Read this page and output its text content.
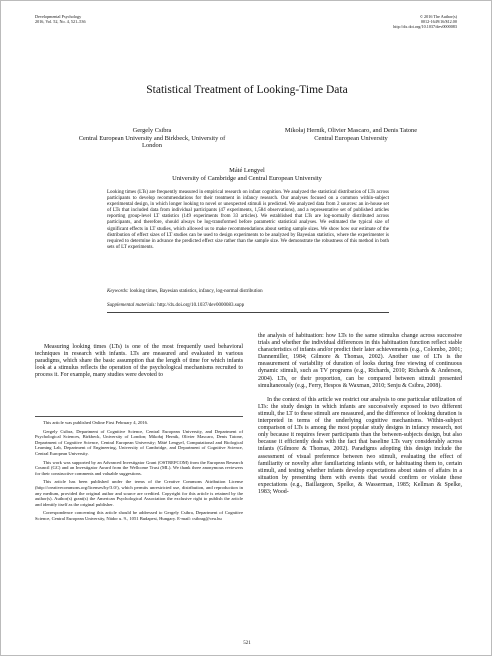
Developmental Psychology
2016, Vol. 52, No. 4, 521–536
© 2016 The Author(s)
0012-1649/16/$12.00
http://dx.doi.org/10.1037/dev0000083
Statistical Treatment of Looking-Time Data
Gergely Csibra
Central European University and Birkbeck, University of London
Mikołaj Hernik, Olivier Mascaro, and Denis Tatone
Central European University
Máté Lengyel
University of Cambridge and Central European University
Looking times (LTs) are frequently measured in empirical research on infant cognition. We analyzed the statistical distribution of LTs across participants to develop recommendations for their treatment in infancy research. Our analyses focused on a common within-subject experimental design, in which longer looking to novel or unexpected stimuli is predicted. We analyzed data from 2 sources: an in-house set of LTs that included data from individual participants (47 experiments, 1,584 observations), and a representative set of published articles reporting group-level LT statistics (149 experiments from 33 articles). We established that LTs are log-normally distributed across participants, and therefore, should always be log-transformed before parametric statistical analyses. We estimated the typical size of significant effects in LT studies, which allowed us to make recommendations about setting sample sizes. We show how our estimate of the distribution of effect sizes of LT studies can be used to design experiments to be analyzed by Bayesian statistics, where the experimenter is required to determine in advance the predicted effect size rather than the sample size. We demonstrate the robustness of this method in both sets of LT experiments.
Keywords: looking times, Bayesian statistics, infancy, log-normal distribution
Supplemental materials: http://dx.doi.org/10.1037/dev0000083.supp
Measuring looking times (LTs) is one of the most frequently used behavioral techniques in research with infants. LTs are measured and evaluated in various paradigms, which share the basic assumption that the length of time for which infants look at a stimulus reflects the operation of the psychological mechanisms recruited to process it. For example, many studies were devoted to

This article was published Online First February 4, 2016.

Gergely Csibra, Department of Cognitive Science, Central European University, and Department of Psychological Sciences, Birkbeck, University of London; Mikołaj Hernik, Olivier Mascaro, Denis Tatone, Department of Cognitive Science, Central European University; Máté Lengyel, Computational and Biological Learning Lab, Department of Engineering, University of Cambridge, and Department of Cognitive Science, Central European University.

This work was supported by an Advanced Investigator Grant (OSTREFCOM) from the European Research Council (GC) and an Investigator Award from the Wellcome Trust (ML). We thank three anonymous reviewers for their constructive comments and valuable suggestions.

This article has been published under the terms of the Creative Commons Attribution License (http://creativecommons.org/licenses/by/3.0/), which permits unrestricted use, distribution, and reproduction in any medium, provided the original author and source are credited. Copyright for this article is retained by the author(s). Author(s) grant(s) the American Psychological Association the exclusive right to publish the article and identify itself as the original publisher.

Correspondence concerning this article should be addressed to Gergely Csibra, Department of Cognitive Science, Central European University, Nádor u. 9., 1051 Budapest, Hungary. E-mail: csibrag@ceu.hu

the analysis of habituation: how LTs to the same stimulus change across successive trials and whether the individual differences in this habituation function reflect stable characteristics of infants and/or predict their later achievements (e.g., Colombo, 2001; Dannemiller, 1984; Gilmore & Thomas, 2002). Another use of LTs is the measurement of variability of duration of looks during free viewing of continuous dynamic stimuli, such as TV programs (e.g., Richards, 2010; Richards & Anderson, 2004). LTs, or their proportion, can be compared between stimuli presented simultaneously (e.g., Ferry, Hespos & Waxman, 2010; Senju & Csibra, 2008).

In the context of this article we restrict our analysis to one particular utilization of LTs: the study design in which infants are successively exposed to two different stimuli, the LT to these stimuli are measured, and the difference of looking duration is interpreted in terms of the underlying cognitive mechanisms. Within-subject comparison of LTs is among the most popular study designs in infancy research, not only because it requires fewer participants than the between-subjects design, but also because it efficiently deals with the fact that baseline LTs vary considerably across infants (Gilmore & Thomas, 2002). Paradigms adopting this design include the assessment of visual preference between two stimuli, evaluating the effect of familiarity or novelty after familiarizing infants with, or habituating them to, certain stimuli, and testing whether infants develop expectations about states of affairs in a situation by presenting them with events that would confirm or violate these expectations (e.g., Baillargeon, Spelke, & Wasserman, 1985; Kellman & Spelke, 1983; Wood-

521
